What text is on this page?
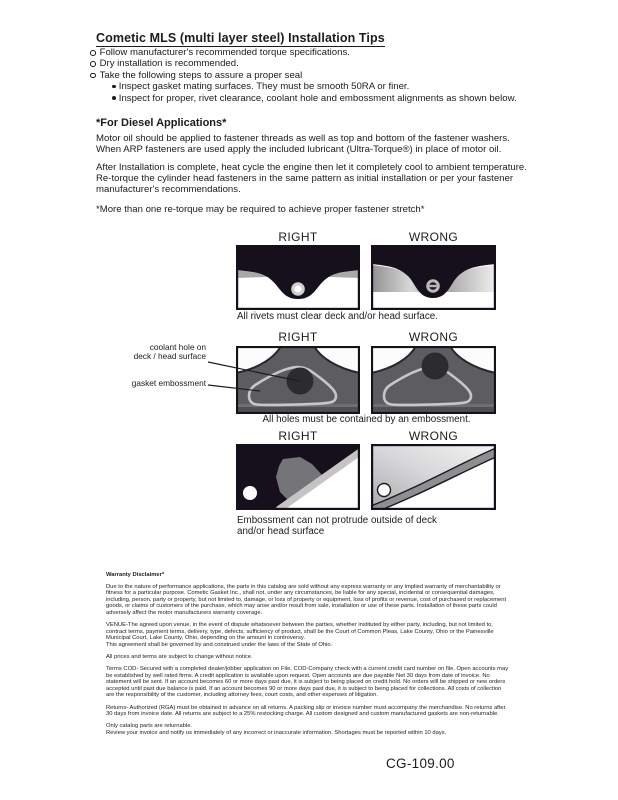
Cometic MLS (multi layer steel) Installation Tips
Follow manufacturer's recommended torque specifications.
Dry installation is recommended.
Take the following steps to assure a proper seal
Inspect gasket mating surfaces. They must be smooth 50RA or finer.
Inspect for proper, rivet clearance, coolant hole and embossment alignments as shown below.
*For Diesel Applications*
Motor oil should be applied to fastener threads as well as top and bottom of the fastener washers. When ARP fasteners are used apply the included lubricant (Ultra-Torque®) in place of motor oil.
After Installation is complete, heat cycle the engine then let it completely cool to ambient temperature. Re-torque the cylinder head fasteners in the same pattern as initial installation or per your fastener manufacturer's recommendations.
*More than one re-torque may be required to achieve proper fastener stretch*
RIGHT	WRONG
All rivets must clear deck and/or head surface.
RIGHT	WRONG
coolant hole on
deck / head surface
gasket embossment
All holes must be contained by an embossment.
RIGHT	WRONG
Embossment can not protrude outside of deck
and/or head surface
Warranty Disclaimer*

Due to the nature of performance applications, the parts in this catalog are sold without any express warranty or any implied warranty of merchantability or fitness for a particular purpose. Cometic Gasket Inc., shall not, under any circumstances, be liable for any special, incidental or consequential damages, including, person, party or property, but not limited to, damage, or loss of property or equipment, loss of profits or revenue, cost of purchased or replacement goods, or claims of customers of the purchase, which may arise and/or result from sale, installation or use of these parts. Installation of these parts could adversely affect the motor manufacturers warranty coverage.

VENUE-The agreed upon venue, in the event of dispute whatsoever between the parties, whether instituted by either party, including, but not limited to, contract terms, payment terms, delivery, type, defects, sufficiency of product, shall be the Court of Common Pleas, Lake County, Ohio or the Painesville Municipal Court, Lake County, Ohio, depending on the amount in controversy.

This agreement shall be governed by and construed under the laws of the State of Ohio.

All prices and terms are subject to change without notice.

Terms COD- Secured with a completed dealer/jobber application on File, COD-Company check with a current credit card number on file. Open accounts may be established by well rated firms. A credit application is available upon request. Open accounts are due payable Net 30 days from date of invoice. No statement will be sent. If an account becomes 60 or more days past due, it is subject to being placed on credit hold. No orders will be shipped or new orders accepted until past due balance is paid. If an account becomes 90 or more days past due, it is subject to being placed for collections. All costs of collection are the responsibility of the customer, including attorney fees, court costs, and other expenses of litigation.

Returns- Authorized (RGA) must be obtained in advance on all returns. A packing slip or invoice number must accompany the merchandise. No returns after 30 days from invoice date. All returns are subject to a 25% restocking charge. All custom designed and custom manufactured gaskets are non-returnable.

Only catalog parts are returnable.

Review your invoice and notify us immediately of any incorrect or inaccurate information. Shortages must be reported within 10 days.

CG-109.00
